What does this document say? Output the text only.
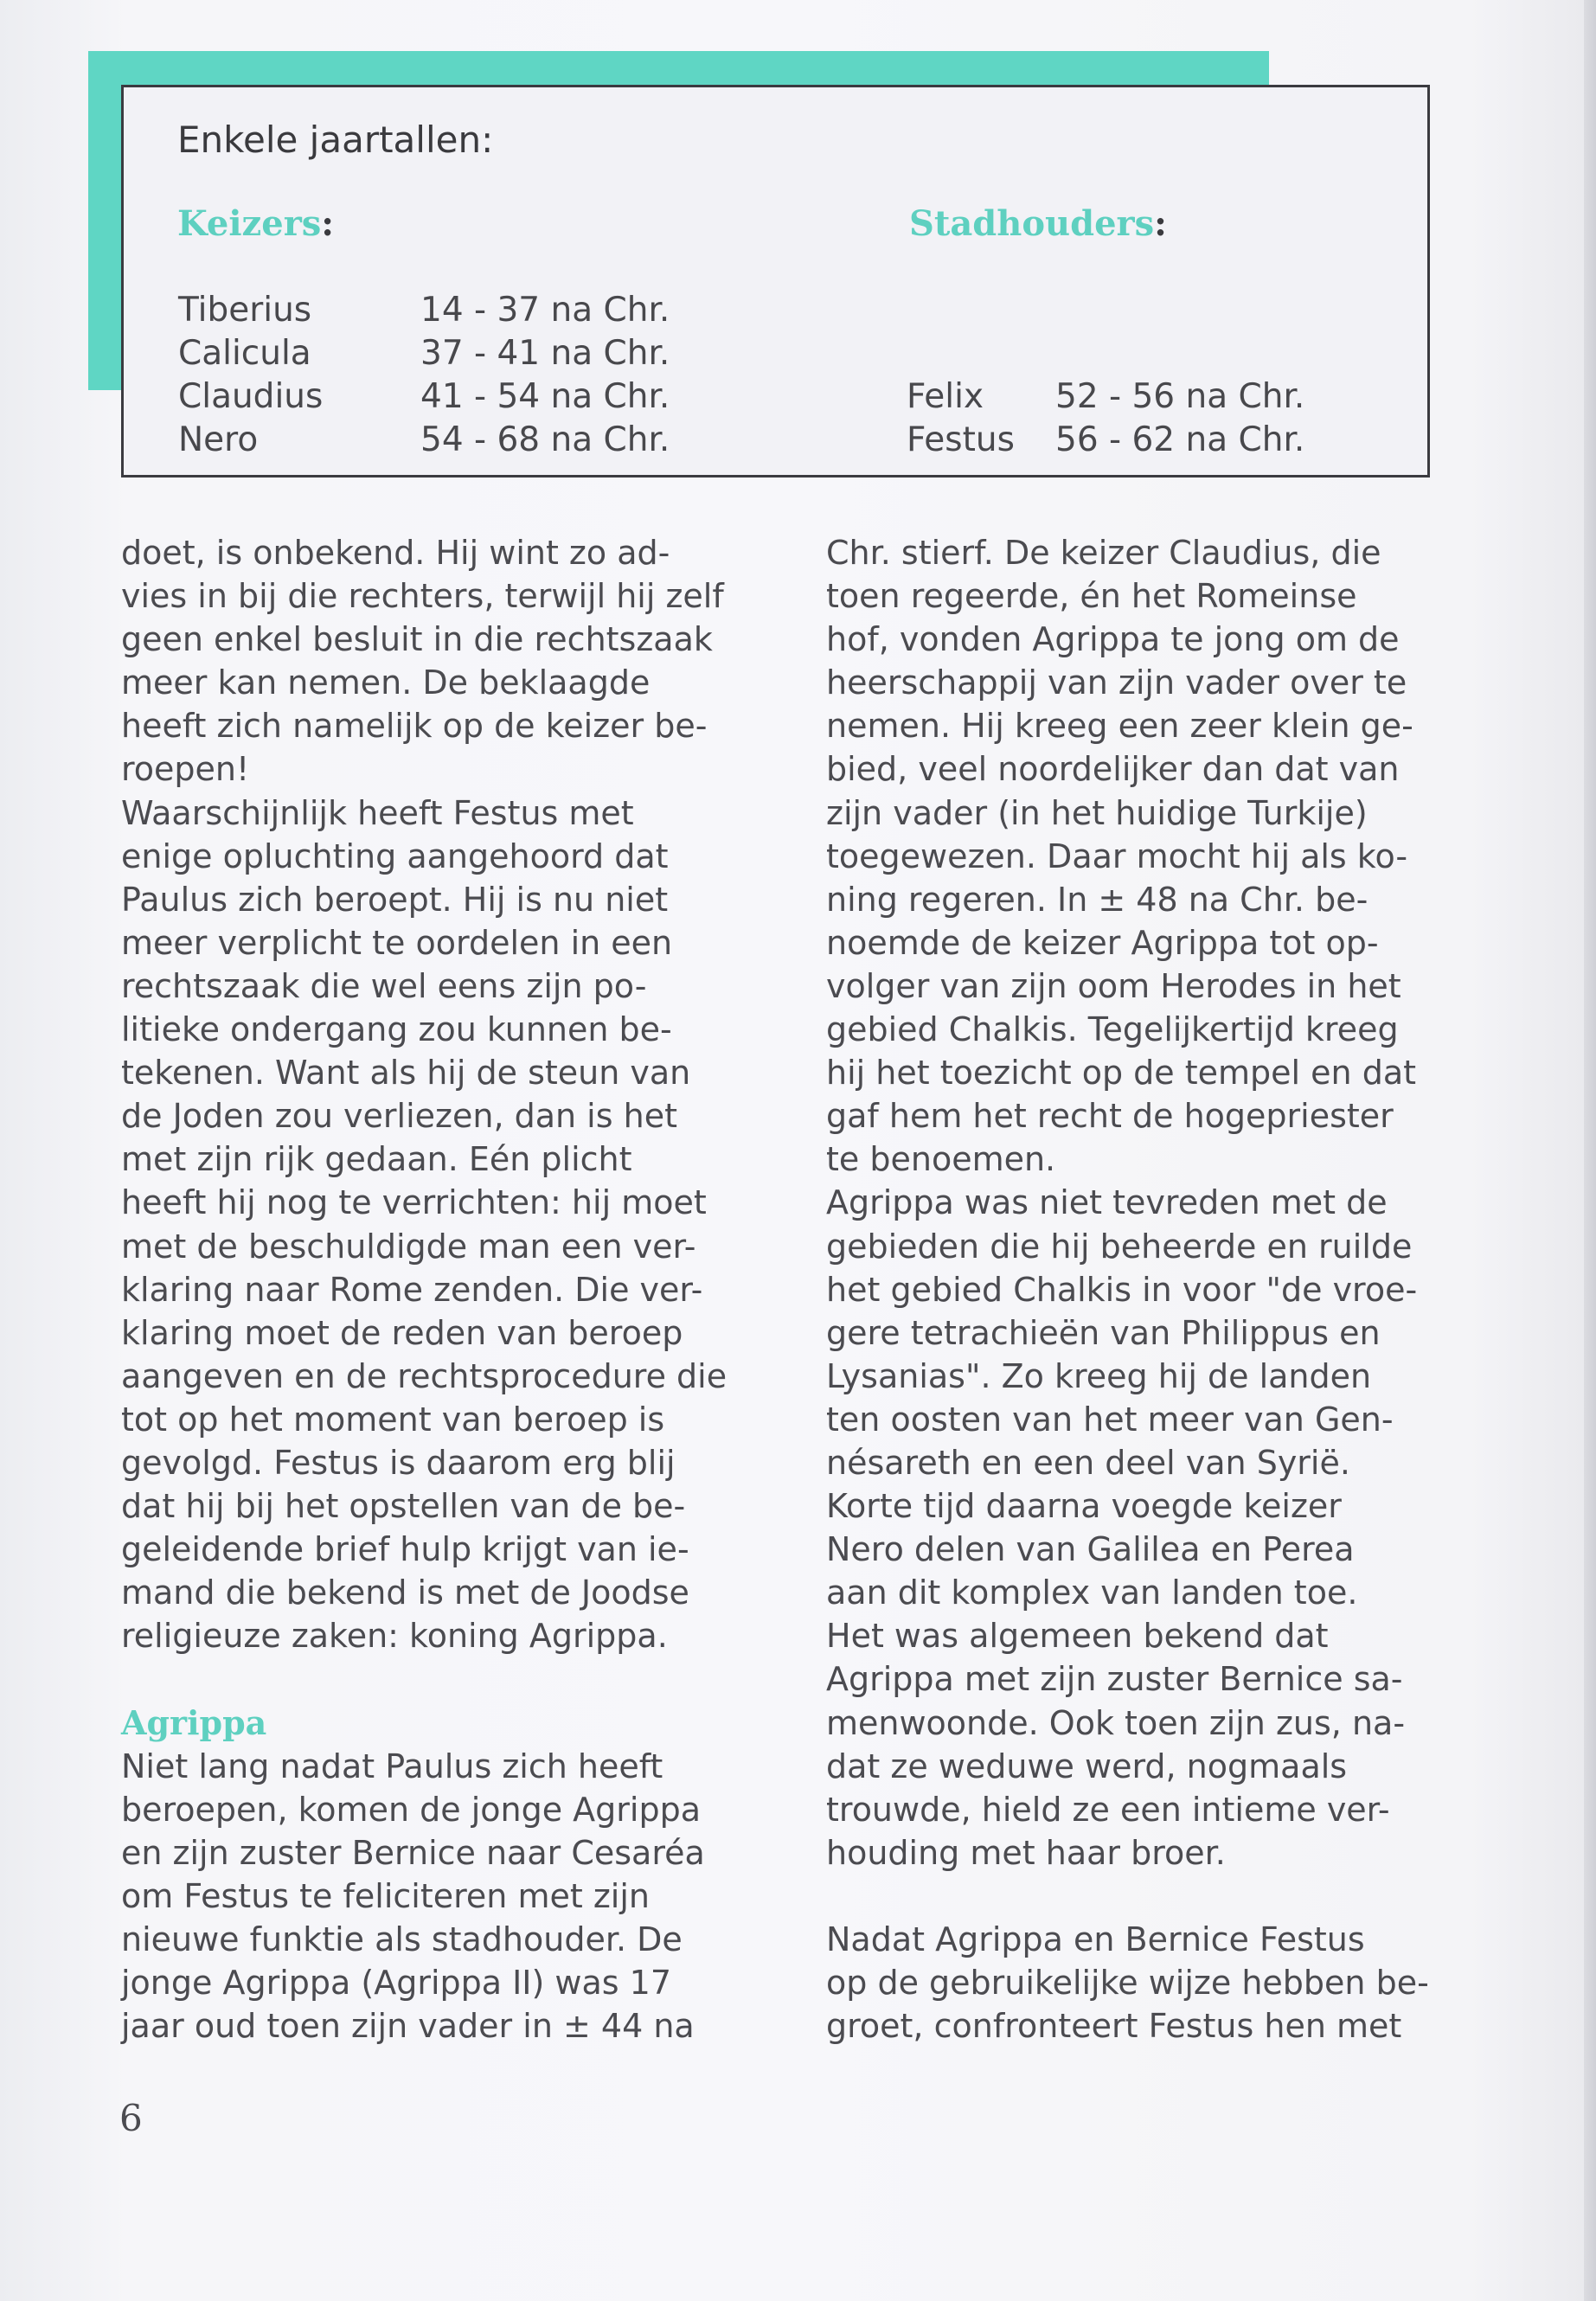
Enkele jaartallen:
Keizers:	Stadhouders:
Tiberius	14 - 37 na Chr.
Calicula	37 - 41 na Chr.
Claudius	41 - 54 na Chr.
Nero	54 - 68 na Chr.
Felix 52 - 56 na Chr.
Festus 56 - 62 na Chr.
doet, is onbekend. Hij wint zo ad-
vies in bij die rechters, terwijl hij zelf
geen enkel besluit in die rechtszaak
meer kan nemen. De beklaagde
heeft zich namelijk op de keizer be-
roepen!
Waarschijnlijk heeft Festus met
enige opluchting aangehoord dat
Paulus zich beroept. Hij is nu niet
meer verplicht te oordelen in een
rechtszaak die wel eens zijn po-
litieke ondergang zou kunnen be-
tekenen. Want als hij de steun van
de Joden zou verliezen, dan is het
met zijn rijk gedaan. Eén plicht
heeft hij nog te verrichten: hij moet
met de beschuldigde man een ver-
klaring naar Rome zenden. Die ver-
klaring moet de reden van beroep
aangeven en de rechtsprocedure die
tot op het moment van beroep is
gevolgd. Festus is daarom erg blij
dat hij bij het opstellen van de be-
geleidende brief hulp krijgt van ie-
mand die bekend is met de Joodse
religieuze zaken: koning Agrippa.
Agrippa
Niet lang nadat Paulus zich heeft
beroepen, komen de jonge Agrippa
en zijn zuster Bernice naar Cesaréa
om Festus te feliciteren met zijn
nieuwe funktie als stadhouder. De
jonge Agrippa (Agrippa II) was 17
jaar oud toen zijn vader in ± 44 na
Chr. stierf. De keizer Claudius, die
toen regeerde, én het Romeinse
hof, vonden Agrippa te jong om de
heerschappij van zijn vader over te
nemen. Hij kreeg een zeer klein ge-
bied, veel noordelijker dan dat van
zijn vader (in het huidige Turkije)
toegewezen. Daar mocht hij als ko-
ning regeren. In ± 48 na Chr. be-
noemde de keizer Agrippa tot op-
volger van zijn oom Herodes in het
gebied Chalkis. Tegelijkertijd kreeg
hij het toezicht op de tempel en dat
gaf hem het recht de hogepriester
te benoemen.
Agrippa was niet tevreden met de
gebieden die hij beheerde en ruilde
het gebied Chalkis in voor "de vroe-
gere tetrachieën van Philippus en
Lysanias". Zo kreeg hij de landen
ten oosten van het meer van Gen-
nésareth en een deel van Syrië.
Korte tijd daarna voegde keizer
Nero delen van Galilea en Perea
aan dit komplex van landen toe.
Het was algemeen bekend dat
Agrippa met zijn zuster Bernice sa-
menwoonde. Ook toen zijn zus, na-
dat ze weduwe werd, nogmaals
trouwde, hield ze een intieme ver-
houding met haar broer.
Nadat Agrippa en Bernice Festus
op de gebruikelijke wijze hebben be-
groet, confronteert Festus hen met
6
